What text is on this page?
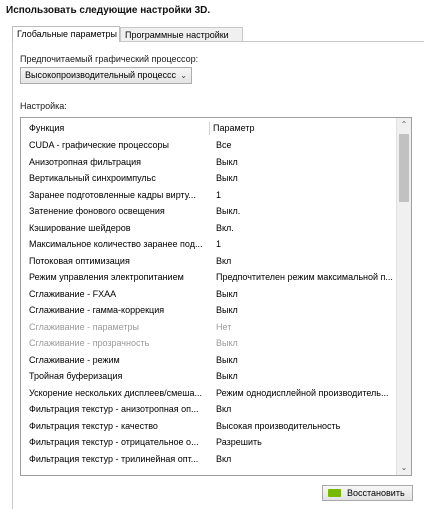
Использовать следующие настройки 3D.
Глобальные параметры Программные настройки
Предпочитаемый графический процессор:
Высокопроизводительный процессс ⌄
Настройка:
Функция	Параметр
CUDA - графические процессоры	Все
Анизотропная фильтрация	Выкл
Вертикальный синхроимпульс	Выкл
Заранее подготовленные кадры вирту...	1
Затенение фонового освещения	Выкл.
Кэширование шейдеров	Вкл.
Максимальное количество заранее под...	1
Потоковая оптимизация	Вкл
Режим управления электропитанием	Предпочтителен режим максимальной п...
Сглаживание - FXAA	Выкл
Сглаживание - гамма-коррекция	Выкл
Сглаживание - параметры	Нет
Сглаживание - прозрачность	Выкл
Сглаживание - режим	Выкл
Тройная буферизация	Выкл
Ускорение нескольких дисплеев/смеша...	Режим однодисплейной производитель...
Фильтрация текстур - анизотропная оп...	Вкл
Фильтрация текстур - качество	Высокая производительность
Фильтрация текстур - отрицательное о...	Разрешить
Фильтрация текстур - трилинейная опт...	Вкл
⌃
⌄
Восстановить
